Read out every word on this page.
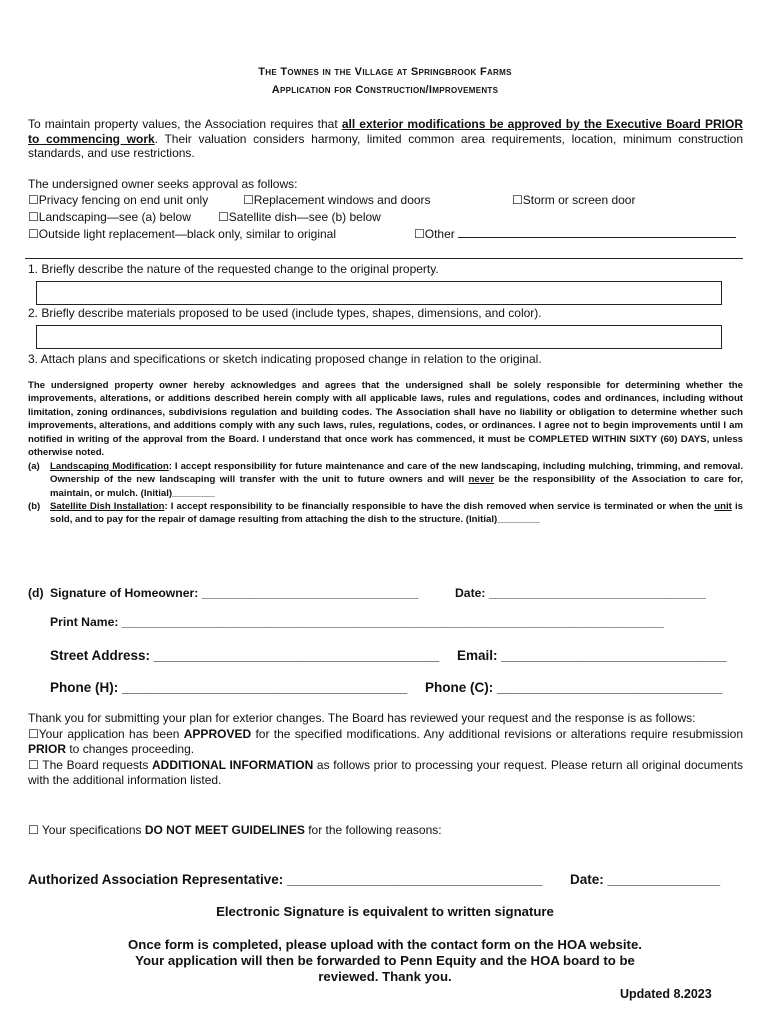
The Townes in the Village at Springbrook Farms
Application for Construction/Improvements
To maintain property values, the Association requires that all exterior modifications be approved by the Executive Board PRIOR to commencing work. Their valuation considers harmony, limited common area requirements, location, minimum construction standards, and use restrictions.
The undersigned owner seeks approval as follows:
☐Privacy fencing on end unit only	☐Replacement windows and doors	☐Storm or screen door
☐Landscaping—see (a) below ☐Satellite dish—see (b) below
☐Outside light replacement—black only, similar to original	☐Other
1. Briefly describe the nature of the requested change to the original property.
2. Briefly describe materials proposed to be used (include types, shapes, dimensions, and color).
3. Attach plans and specifications or sketch indicating proposed change in relation to the original.
The undersigned property owner hereby acknowledges and agrees that the undersigned shall be solely responsible for determining whether the improvements, alterations, or additions described herein comply with all applicable laws, rules and regulations, codes and ordinances, including without limitation, zoning ordinances, subdivisions regulation and building codes. The Association shall have no liability or obligation to determine whether such improvements, alterations, and additions comply with any such laws, rules, regulations, codes, or ordinances. I agree not to begin improvements until I am notified in writing of the approval from the Board. I understand that once work has commenced, it must be COMPLETED WITHIN SIXTY (60) DAYS, unless otherwise noted.
(a)	Landscaping Modification: I accept responsibility for future maintenance and care of the new landscaping, including mulching, trimming, and removal. Ownership of the new landscaping will transfer with the unit to future owners and will never be the responsibility of the Association to care for, maintain, or mulch. (Initial)________
(b)	Satellite Dish Installation: I accept responsibility to be financially responsible to have the dish removed when service is terminated or when the unit is sold, and to pay for the repair of damage resulting from attaching the dish to the structure. (Initial)________
(d) Signature of Homeowner: ________________________________	Date: ________________________________
Print Name: ________________________________________________________________________________
Street Address: ______________________________________ Email: ______________________________
Phone (H): ______________________________________ Phone (C): ______________________________
Thank you for submitting your plan for exterior changes. The Board has reviewed your request and the response is as follows:
☐Your application has been APPROVED for the specified modifications. Any additional revisions or alterations require resubmission PRIOR to changes proceeding.
☐ The Board requests ADDITIONAL INFORMATION as follows prior to processing your request. Please return all original documents with the additional information listed.
☐ Your specifications DO NOT MEET GUIDELINES for the following reasons:
Authorized Association Representative: __________________________________ Date: _______________
Electronic Signature is equivalent to written signature
Once form is completed, please upload with the contact form on the HOA website.
Your application will then be forwarded to Penn Equity and the HOA board to be
reviewed. Thank you.
Updated 8.2023
